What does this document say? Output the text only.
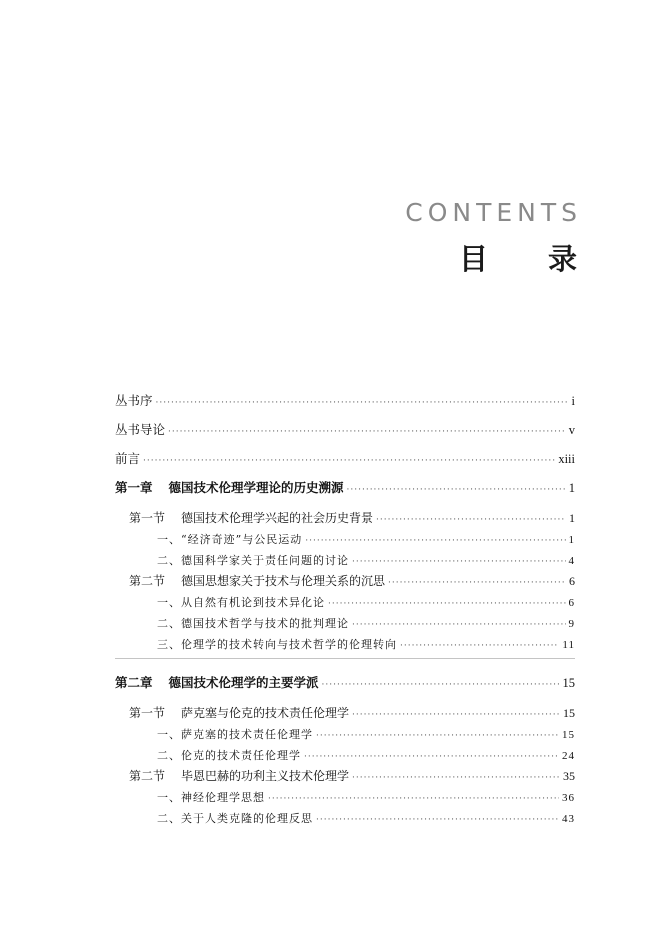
CONTENTS
目录
丛书序 ·····	i
丛书导论 ·····	v
前言 ·····	xiii
第一章 德国技术伦理学理论的历史溯源 ·····	1
第一节 德国技术伦理学兴起的社会历史背景 ·····	1
一、“经济奇迹”与公民运动 ·····	1
二、德国科学家关于责任问题的讨论 ·····	4
第二节 德国思想家关于技术与伦理关系的沉思 ·····	6
一、从自然有机论到技术异化论 ·····	6
二、德国技术哲学与技术的批判理论 ·····	9
三、伦理学的技术转向与技术哲学的伦理转向 ·····	11
第二章 德国技术伦理学的主要学派 ·····	15
第一节 萨克塞与伦克的技术责任伦理学 ·····	15
一、萨克塞的技术责任伦理学 ·····	15
二、伦克的技术责任伦理学 ·····	24
第二节 毕恩巴赫的功利主义技术伦理学 ·····	35
一、神经伦理学思想 ·····	36
二、关于人类克隆的伦理反思 ·····	43
